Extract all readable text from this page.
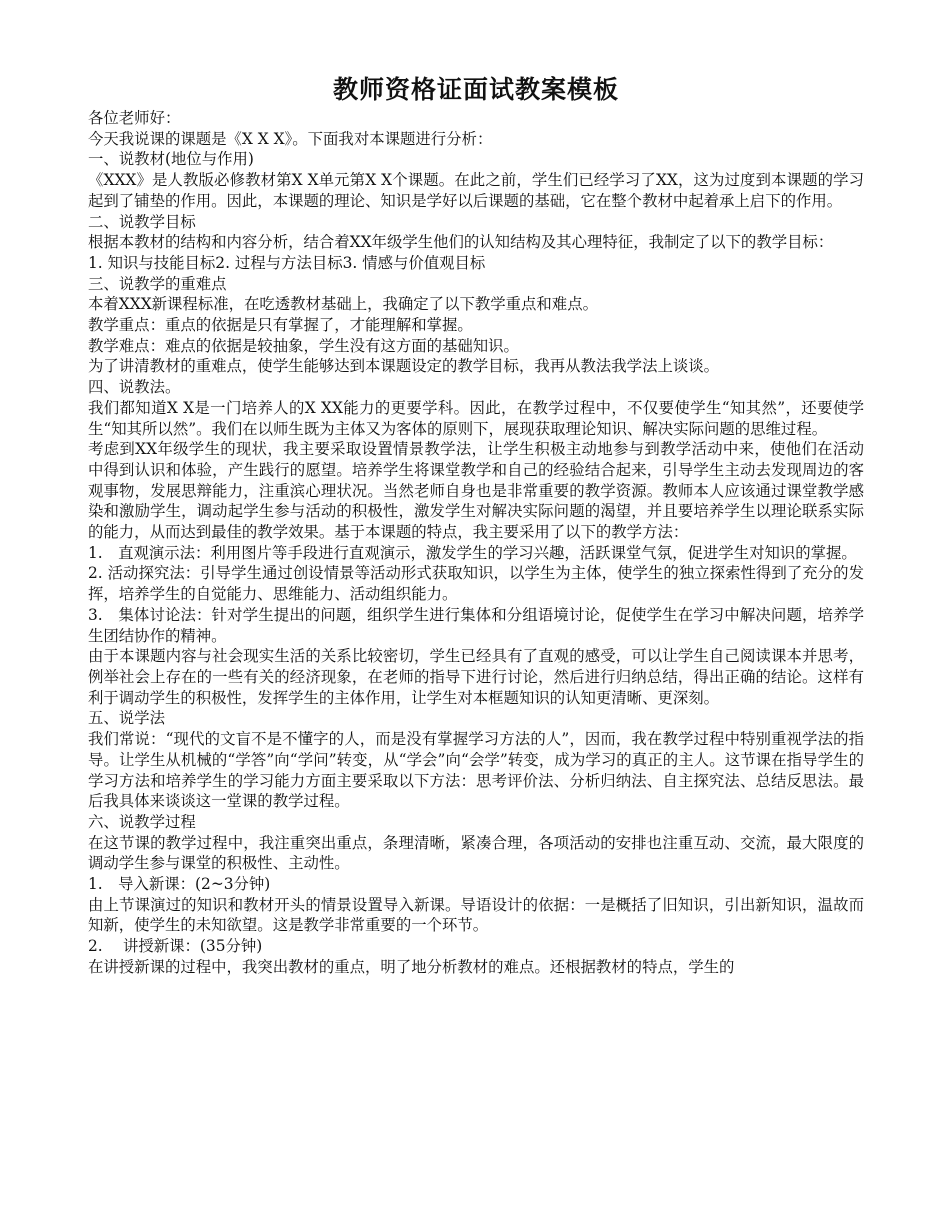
教师资格证面试教案模板

各位老师好：

今天我说课的课题是《X X X》。下面我对本课题进行分析：

一、说教材(地位与作用)

《XXX》是人教版必修教材第X X单元第X X个课题。在此之前，学生们已经学习了XX，这为过度到本课题的学习起到了铺垫的作用。因此，本课题的理论、知识是学好以后课题的基础，它在整个教材中起着承上启下的作用。

二、说教学目标

根据本教材的结构和内容分析，结合着XX年级学生他们的认知结构及其心理特征，我制定了以下的教学目标：

1. 知识与技能目标2. 过程与方法目标3. 情感与价值观目标

三、说教学的重难点

本着XXX新课程标准，在吃透教材基础上，我确定了以下教学重点和难点。

教学重点：重点的依据是只有掌握了，才能理解和掌握。

教学难点：难点的依据是较抽象，学生没有这方面的基础知识。

为了讲清教材的重难点，使学生能够达到本课题设定的教学目标，我再从教法我学法上谈谈。

四、说教法。

我们都知道X X是一门培养人的X XX能力的更要学科。因此，在教学过程中，不仅要使学生“知其然”，还要使学生“知其所以然”。我们在以师生既为主体又为客体的原则下，展现获取理论知识、解决实际问题的思维过程。

考虑到XX年级学生的现状，我主要采取设置情景教学法，让学生积极主动地参与到教学活动中来，使他们在活动中得到认识和体验，产生践行的愿望。培养学生将课堂教学和自己的经验结合起来，引导学生主动去发现周边的客观事物，发展思辩能力，注重滨心理状况。当然老师自身也是非常重要的教学资源。教师本人应该通过课堂教学感染和激励学生，调动起学生参与活动的积极性，激发学生对解决实际问题的渴望，并且要培养学生以理论联系实际的能力，从而达到最佳的教学效果。基于本课题的特点，我主要采用了以下的教学方法：

1.　直观演示法：利用图片等手段进行直观演示，激发学生的学习兴趣，活跃课堂气氛，促进学生对知识的掌握。

2. 活动探究法：引导学生通过创设情景等活动形式获取知识，以学生为主体，使学生的独立探索性得到了充分的发挥，培养学生的自觉能力、思维能力、活动组织能力。

3.　集体讨论法：针对学生提出的问题，组织学生进行集体和分组语境讨论，促使学生在学习中解决问题，培养学生团结协作的精神。

由于本课题内容与社会现实生活的关系比较密切，学生已经具有了直观的感受，可以让学生自己阅读课本并思考，例举社会上存在的一些有关的经济现象，在老师的指导下进行讨论，然后进行归纳总结，得出正确的结论。这样有利于调动学生的积极性，发挥学生的主体作用，让学生对本框题知识的认知更清晰、更深刻。

五、说学法

我们常说：“现代的文盲不是不懂字的人，而是没有掌握学习方法的人”，因而，我在教学过程中特别重视学法的指导。让学生从机械的“学答”向“学问”转变，从“学会”向“会学”转变，成为学习的真正的主人。这节课在指导学生的学习方法和培养学生的学习能力方面主要采取以下方法：思考评价法、分析归纳法、自主探究法、总结反思法。最后我具体来谈谈这一堂课的教学过程。

六、说教学过程

在这节课的教学过程中，我注重突出重点，条理清晰，紧凑合理，各项活动的安排也注重互动、交流，最大限度的调动学生参与课堂的积极性、主动性。

1.　导入新课：(2~3分钟)

由上节课演过的知识和教材开头的情景设置导入新课。导语设计的依据：一是概括了旧知识，引出新知识，温故而知新，使学生的未知欲望。这是教学非常重要的一个环节。

2.　 讲授新课：(35分钟)

在讲授新课的过程中，我突出教材的重点，明了地分析教材的难点。还根据教材的特点，学生的
